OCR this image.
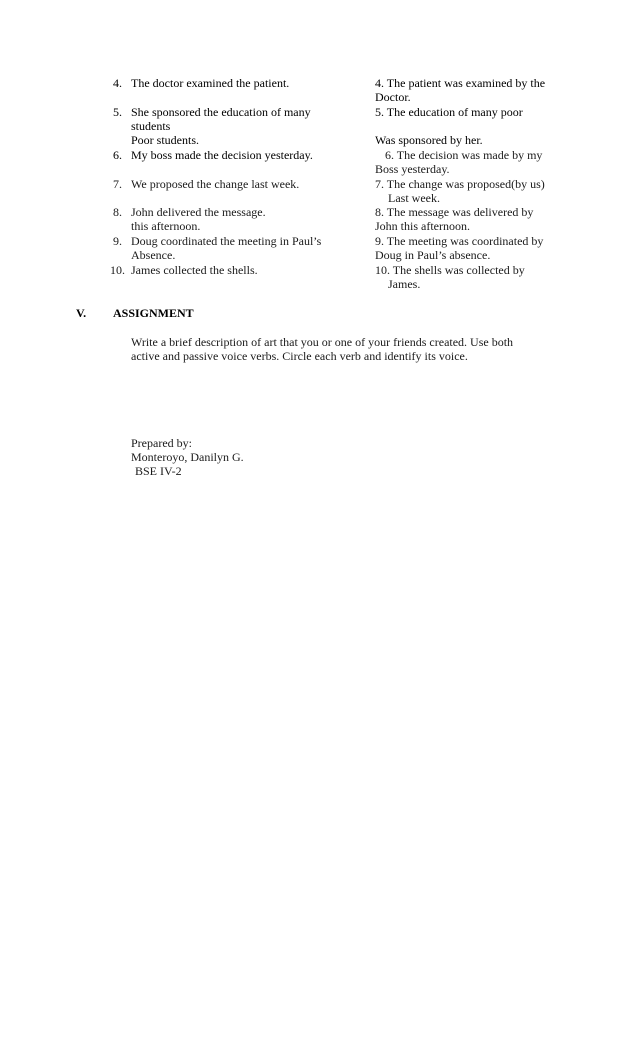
4. The doctor examined the patient.
5. She sponsored the education of many
students
Poor students.
6. My boss made the decision yesterday.
7. We proposed the change last week.
8. John delivered the message.
this afternoon.
9. Doug coordinated the meeting in Paul’s
Absence.
10. James collected the shells.
4. The patient was examined by the
Doctor.
5. The education of many poor
Was sponsored by her.
6. The decision was made by my
Boss yesterday.
7. The change was proposed(by us)
Last week.
8. The message was delivered by
John this afternoon.
9. The meeting was coordinated by
Doug in Paul’s absence.
10. The shells was collected by
James.
V. ASSIGNMENT
Write a brief description of art that you or one of your friends created. Use both
active and passive voice verbs. Circle each verb and identify its voice.
Prepared by:
Monteroyo, Danilyn G.
BSE IV-2
